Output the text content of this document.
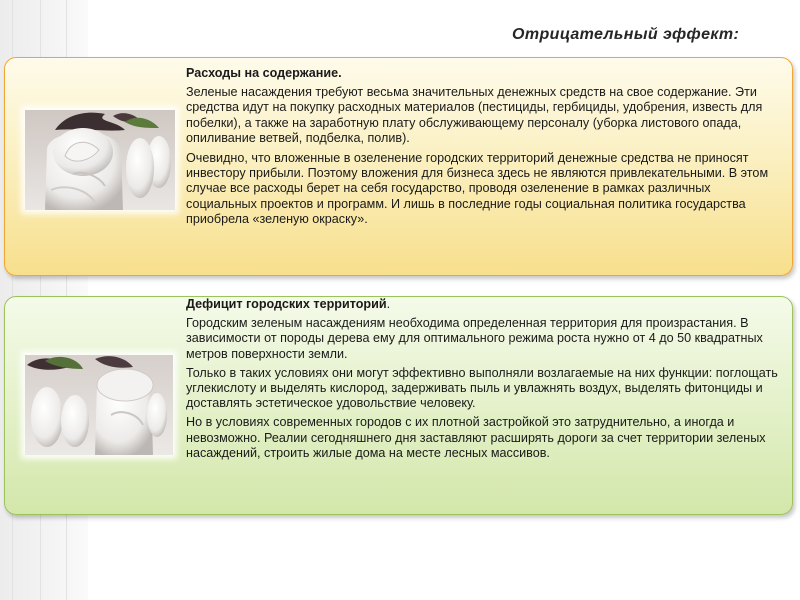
Отрицательный эффект:

Расходы на содержание.

Зеленые насаждения требуют весьма значительных денежных средств на свое содержание. Эти средства идут на покупку расходных материалов (пестициды, гербициды, удобрения, известь для побелки), а также на заработную плату обслуживающему персоналу (уборка листового опада, опиливание ветвей, подбелка, полив).

Очевидно, что вложенные в озеленение городских территорий денежные средства не приносят инвестору прибыли. Поэтому вложения для бизнеса здесь не являются привлекательными. В этом случае все расходы берет на себя государство, проводя озеленение в рамках различных социальных проектов и программ. И лишь в последние годы социальная политика государства приобрела «зеленую окраску».

Дефицит городских территорий.

Городским зеленым насаждениям необходима определенная территория для произрастания. В зависимости от породы дерева ему для оптимального режима роста нужно от 4 до 50 квадратных метров поверхности земли.

Только в таких условиях они могут эффективно выполняли возлагаемые на них функции: поглощать углекислоту и выделять кислород, задерживать пыль и увлажнять воздух, выделять фитонциды и доставлять эстетическое удовольствие человеку.

Но в условиях современных городов с их плотной застройкой это затруднительно, а иногда и невозможно. Реалии сегодняшнего дня заставляют расширять дороги за счет территории зеленых насаждений, строить жилые дома на месте лесных массивов.
